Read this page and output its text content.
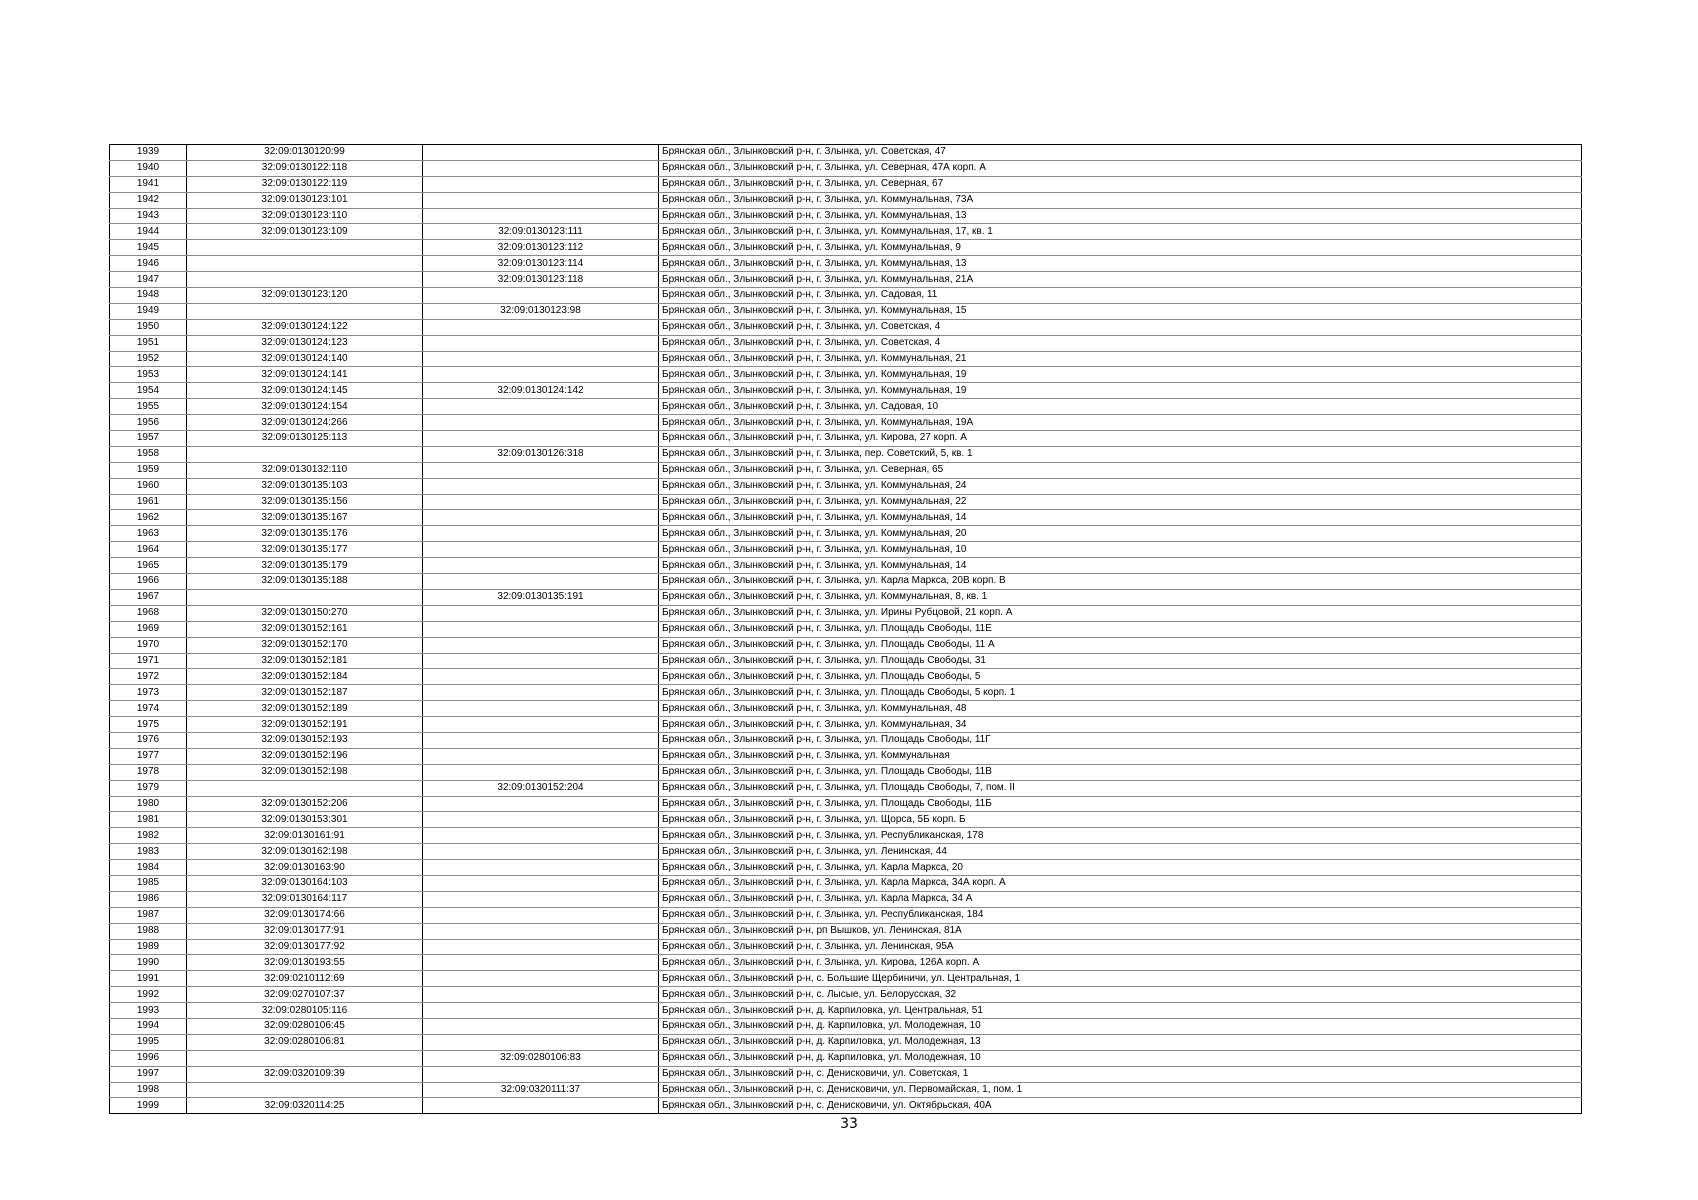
1939	32:09:0130120:99		Брянская обл., Злынковский р-н, г. Злынка, ул. Советская, 47
1940	32:09:0130122:118		Брянская обл., Злынковский р-н, г. Злынка, ул. Северная, 47А корп. А
1941	32:09:0130122:119		Брянская обл., Злынковский р-н, г. Злынка, ул. Северная, 67
1942	32:09:0130123:101		Брянская обл., Злынковский р-н, г. Злынка, ул. Коммунальная, 73А
1943	32:09:0130123:110		Брянская обл., Злынковский р-н, г. Злынка, ул. Коммунальная, 13
1944	32:09:0130123:109	32:09:0130123:111	Брянская обл., Злынковский р-н, г. Злынка, ул. Коммунальная, 17, кв. 1
1945		32:09:0130123:112	Брянская обл., Злынковский р-н, г. Злынка, ул. Коммунальная, 9
1946		32:09:0130123:114	Брянская обл., Злынковский р-н, г. Злынка, ул. Коммунальная, 13
1947		32:09:0130123:118	Брянская обл., Злынковский р-н, г. Злынка, ул. Коммунальная, 21А
1948	32:09:0130123:120		Брянская обл., Злынковский р-н, г. Злынка, ул. Садовая, 11
1949		32:09:0130123:98	Брянская обл., Злынковский р-н, г. Злынка, ул. Коммунальная, 15
1950	32:09:0130124:122		Брянская обл., Злынковский р-н, г. Злынка, ул. Советская, 4
1951	32:09:0130124:123		Брянская обл., Злынковский р-н, г. Злынка, ул. Советская, 4
1952	32:09:0130124:140		Брянская обл., Злынковский р-н, г. Злынка, ул. Коммунальная, 21
1953	32:09:0130124:141		Брянская обл., Злынковский р-н, г. Злынка, ул. Коммунальная, 19
1954	32:09:0130124:145	32:09:0130124:142	Брянская обл., Злынковский р-н, г. Злынка, ул. Коммунальная, 19
1955	32:09:0130124:154		Брянская обл., Злынковский р-н, г. Злынка, ул. Садовая, 10
1956	32:09:0130124:266		Брянская обл., Злынковский р-н, г. Злынка, ул. Коммунальная, 19А
1957	32:09:0130125:113		Брянская обл., Злынковский р-н, г. Злынка, ул. Кирова, 27 корп. А
1958		32:09:0130126:318	Брянская обл., Злынковский р-н, г. Злынка, пер. Советский, 5, кв. 1
1959	32:09:0130132:110		Брянская обл., Злынковский р-н, г. Злынка, ул. Северная, 65
1960	32:09:0130135:103		Брянская обл., Злынковский р-н, г. Злынка, ул. Коммунальная, 24
1961	32:09:0130135:156		Брянская обл., Злынковский р-н, г. Злынка, ул. Коммунальная, 22
1962	32:09:0130135:167		Брянская обл., Злынковский р-н, г. Злынка, ул. Коммунальная, 14
1963	32:09:0130135:176		Брянская обл., Злынковский р-н, г. Злынка, ул. Коммунальная, 20
1964	32:09:0130135:177		Брянская обл., Злынковский р-н, г. Злынка, ул. Коммунальная, 10
1965	32:09:0130135:179		Брянская обл., Злынковский р-н, г. Злынка, ул. Коммунальная, 14
1966	32:09:0130135:188		Брянская обл., Злынковский р-н, г. Злынка, ул. Карла Маркса, 20В корп. В
1967		32:09:0130135:191	Брянская обл., Злынковский р-н, г. Злынка, ул. Коммунальная, 8, кв. 1
1968	32:09:0130150:270		Брянская обл., Злынковский р-н, г. Злынка, ул. Ирины Рубцовой, 21 корп. А
1969	32:09:0130152:161		Брянская обл., Злынковский р-н, г. Злынка, ул. Площадь Свободы, 11Е
1970	32:09:0130152:170		Брянская обл., Злынковский р-н, г. Злынка, ул. Площадь Свободы, 11 А
1971	32:09:0130152:181		Брянская обл., Злынковский р-н, г. Злынка, ул. Площадь Свободы, 31
1972	32:09:0130152:184		Брянская обл., Злынковский р-н, г. Злынка, ул. Площадь Свободы, 5
1973	32:09:0130152:187		Брянская обл., Злынковский р-н, г. Злынка, ул. Площадь Свободы, 5 корп. 1
1974	32:09:0130152:189		Брянская обл., Злынковский р-н, г. Злынка, ул. Коммунальная, 48
1975	32:09:0130152:191		Брянская обл., Злынковский р-н, г. Злынка, ул. Коммунальная, 34
1976	32:09:0130152:193		Брянская обл., Злынковский р-н, г. Злынка, ул. Площадь Свободы, 11Г
1977	32:09:0130152:196		Брянская обл., Злынковский р-н, г. Злынка, ул. Коммунальная
1978	32:09:0130152:198		Брянская обл., Злынковский р-н, г. Злынка, ул. Площадь Свободы, 11В
1979		32:09:0130152:204	Брянская обл., Злынковский р-н, г. Злынка, ул. Площадь Свободы, 7, пом. II
1980	32:09:0130152:206		Брянская обл., Злынковский р-н, г. Злынка, ул. Площадь Свободы, 11Б
1981	32:09:0130153:301		Брянская обл., Злынковский р-н, г. Злынка, ул. Щорса, 5Б корп. Б
1982	32:09:0130161:91		Брянская обл., Злынковский р-н, г. Злынка, ул. Республиканская, 178
1983	32:09:0130162:198		Брянская обл., Злынковский р-н, г. Злынка, ул. Ленинская, 44
1984	32:09:0130163:90		Брянская обл., Злынковский р-н, г. Злынка, ул. Карла Маркса, 20
1985	32:09:0130164:103		Брянская обл., Злынковский р-н, г. Злынка, ул. Карла Маркса, 34А корп. А
1986	32:09:0130164:117		Брянская обл., Злынковский р-н, г. Злынка, ул. Карла Маркса, 34 А
1987	32:09:0130174:66		Брянская обл., Злынковский р-н, г. Злынка, ул. Республиканская, 184
1988	32:09:0130177:91		Брянская обл., Злынковский р-н, рп Вышков, ул. Ленинская, 81А
1989	32:09:0130177:92		Брянская обл., Злынковский р-н, г. Злынка, ул. Ленинская, 95А
1990	32:09:0130193:55		Брянская обл., Злынковский р-н, г. Злынка, ул. Кирова, 126А корп. А
1991	32:09:0210112:69		Брянская обл., Злынковский р-н, с. Большие Щербиничи, ул. Центральная, 1
1992	32:09:0270107:37		Брянская обл., Злынковский р-н, с. Лысые, ул. Белорусская, 32
1993	32:09:0280105:116		Брянская обл., Злынковский р-н, д. Карпиловка, ул. Центральная, 51
1994	32:09:0280106:45		Брянская обл., Злынковский р-н, д. Карпиловка, ул. Молодежная, 10
1995	32:09:0280106:81		Брянская обл., Злынковский р-н, д. Карпиловка, ул. Молодежная, 13
1996		32:09:0280106:83	Брянская обл., Злынковский р-н, д. Карпиловка, ул. Молодежная, 10
1997	32:09:0320109:39		Брянская обл., Злынковский р-н, с. Денисковичи, ул. Советская, 1
1998		32:09:0320111:37	Брянская обл., Злынковский р-н, с. Денисковичи, ул. Первомайская, 1, пом. 1
1999	32:09:0320114:25		Брянская обл., Злынковский р-н, с. Денисковичи, ул. Октябрьская, 40А
33
